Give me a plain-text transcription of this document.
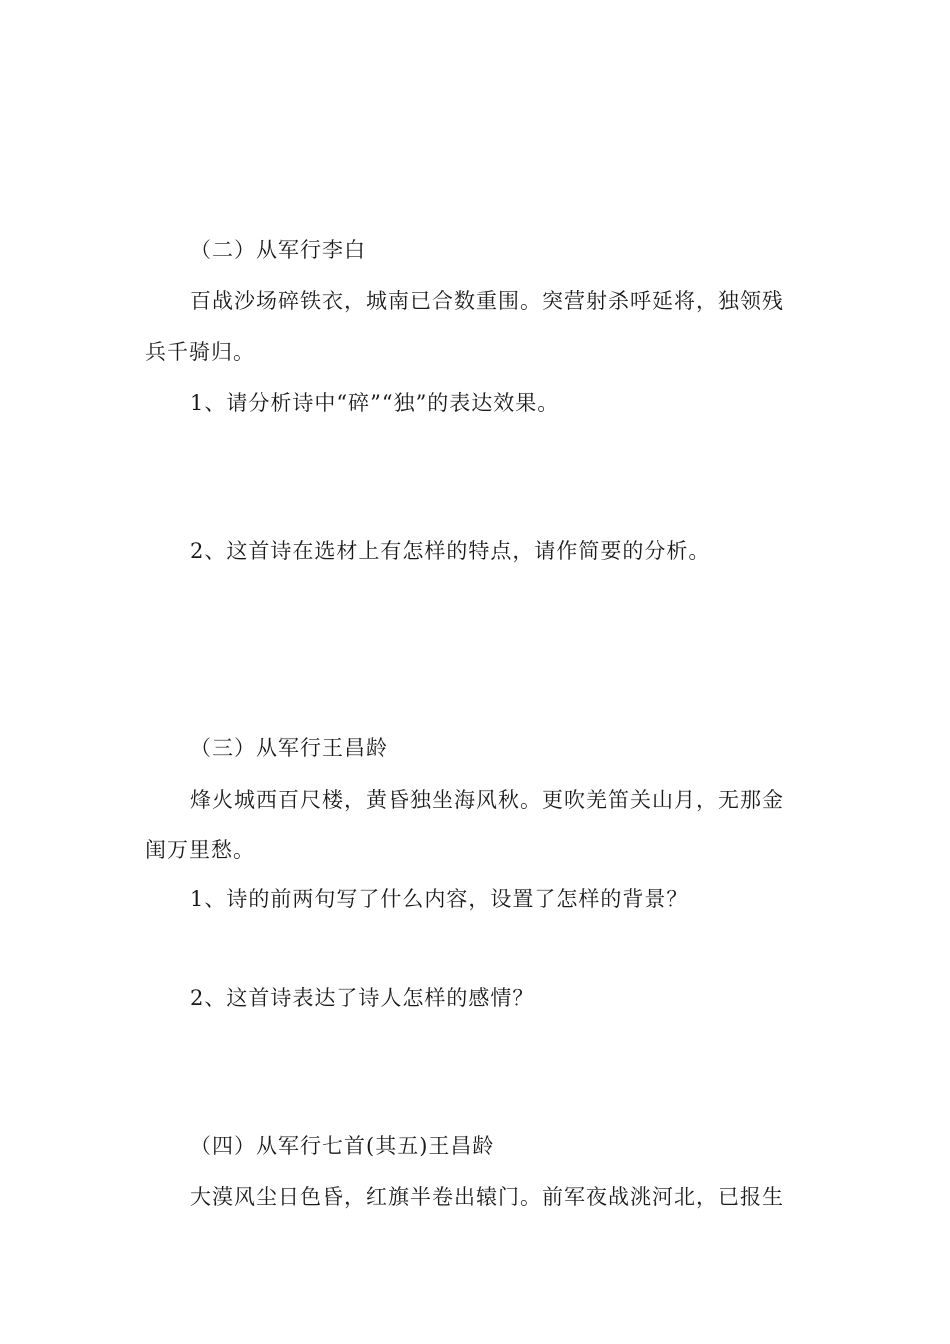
（二）从军行李白
百战沙场碎铁衣，城南已合数重围。突营射杀呼延将，独领残
兵千骑归。
1、请分析诗中“碎”“独”的表达效果。
2、这首诗在选材上有怎样的特点，请作简要的分析。
（三）从军行王昌龄
烽火城西百尺楼，黄昏独坐海风秋。更吹羌笛关山月，无那金
闺万里愁。
1、诗的前两句写了什么内容，设置了怎样的背景？
2、这首诗表达了诗人怎样的感情？
（四）从军行七首(其五)王昌龄
大漠风尘日色昏，红旗半卷出辕门。前军夜战洮河北，已报生
